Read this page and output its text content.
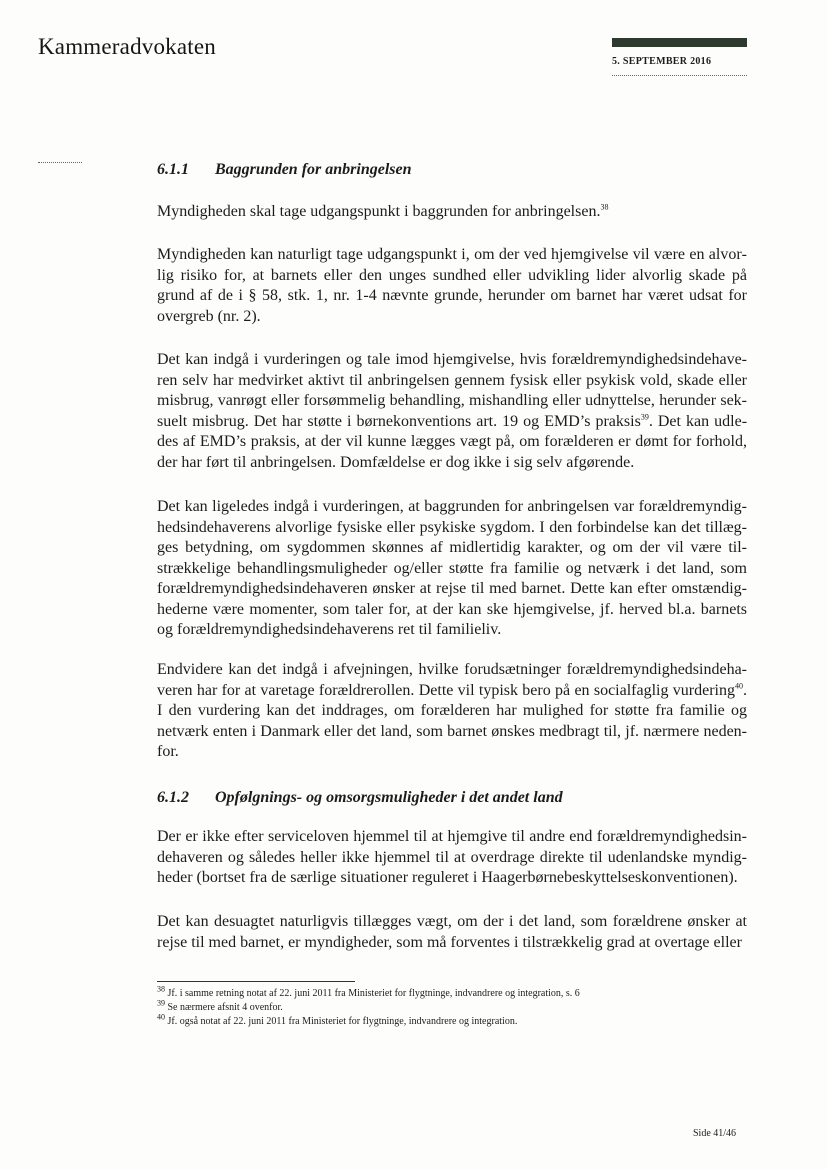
Kammeradvokaten
5. SEPTEMBER 2016
6.1.1 Baggrunden for anbringelsen

Myndigheden skal tage udgangspunkt i baggrunden for anbringelsen.$^{38}$

Myndigheden kan naturligt tage udgangspunkt i, om der ved hjemgivelse vil være en alvorlig risiko for, at barnets eller den unges sundhed eller udvikling lider alvorlig skade på grund af de i § 58, stk. 1, nr. 1-4 nævnte grunde, herunder om barnet har været udsat for overgreb (nr. 2).

Det kan indgå i vurderingen og tale imod hjemgivelse, hvis forældremyndighedsindehaveren selv har medvirket aktivt til anbringelsen gennem fysisk eller psykisk vold, skade eller misbrug, vanrøgt eller forsømmelig behandling, mishandling eller udnyttelse, herunder seksuelt misbrug. Det har støtte i børnekonventions art. 19 og EMD’s praksis$^{39}$. Det kan udledes af EMD’s praksis, at der vil kunne lægges vægt på, om forælderen er dømt for forhold, der har ført til anbringelsen. Domfældelse er dog ikke i sig selv afgørende.

Det kan ligeledes indgå i vurderingen, at baggrunden for anbringelsen var forældremyndighedsindehaverens alvorlige fysiske eller psykiske sygdom. I den forbindelse kan det tillægges betydning, om sygdommen skønnes af midlertidig karakter, og om der vil være tilstrækkelige behandlingsmuligheder og/eller støtte fra familie og netværk i det land, som forældremyndighedsindehaveren ønsker at rejse til med barnet. Dette kan efter omstændighederne være momenter, som taler for, at der kan ske hjemgivelse, jf. herved bl.a. barnets og forældremyndighedsindehaverens ret til familieliv.

Endvidere kan det indgå i afvejningen, hvilke forudsætninger forældremyndighedsindehaveren har for at varetage forældrerollen. Dette vil typisk bero på en socialfaglig vurdering$^{40}$. I den vurdering kan det inddrages, om forælderen har mulighed for støtte fra familie og netværk enten i Danmark eller det land, som barnet ønskes medbragt til, jf. nærmere nedenfor.

6.1.2 Opfølgnings- og omsorgsmuligheder i det andet land

Der er ikke efter serviceloven hjemmel til at hjemgive til andre end forældremyndighedsindehaveren og således heller ikke hjemmel til at overdrage direkte til udenlandske myndigheder (bortset fra de særlige situationer reguleret i Haagerbørnebeskyttelseskonventionen).

Det kan desuagtet naturligvis tillægges vægt, om der i det land, som forældrene ønsker at rejse til med barnet, er myndigheder, som må forventes i tilstrækkelig grad at overtage eller

$^{38}$ Jf. i samme retning notat af 22. juni 2011 fra Ministeriet for flygtninge, indvandrere og integration, s. 6
$^{39}$ Se nærmere afsnit 4 ovenfor.
$^{40}$ Jf. også notat af 22. juni 2011 fra Ministeriet for flygtninge, indvandrere og integration.
Side 41/46
